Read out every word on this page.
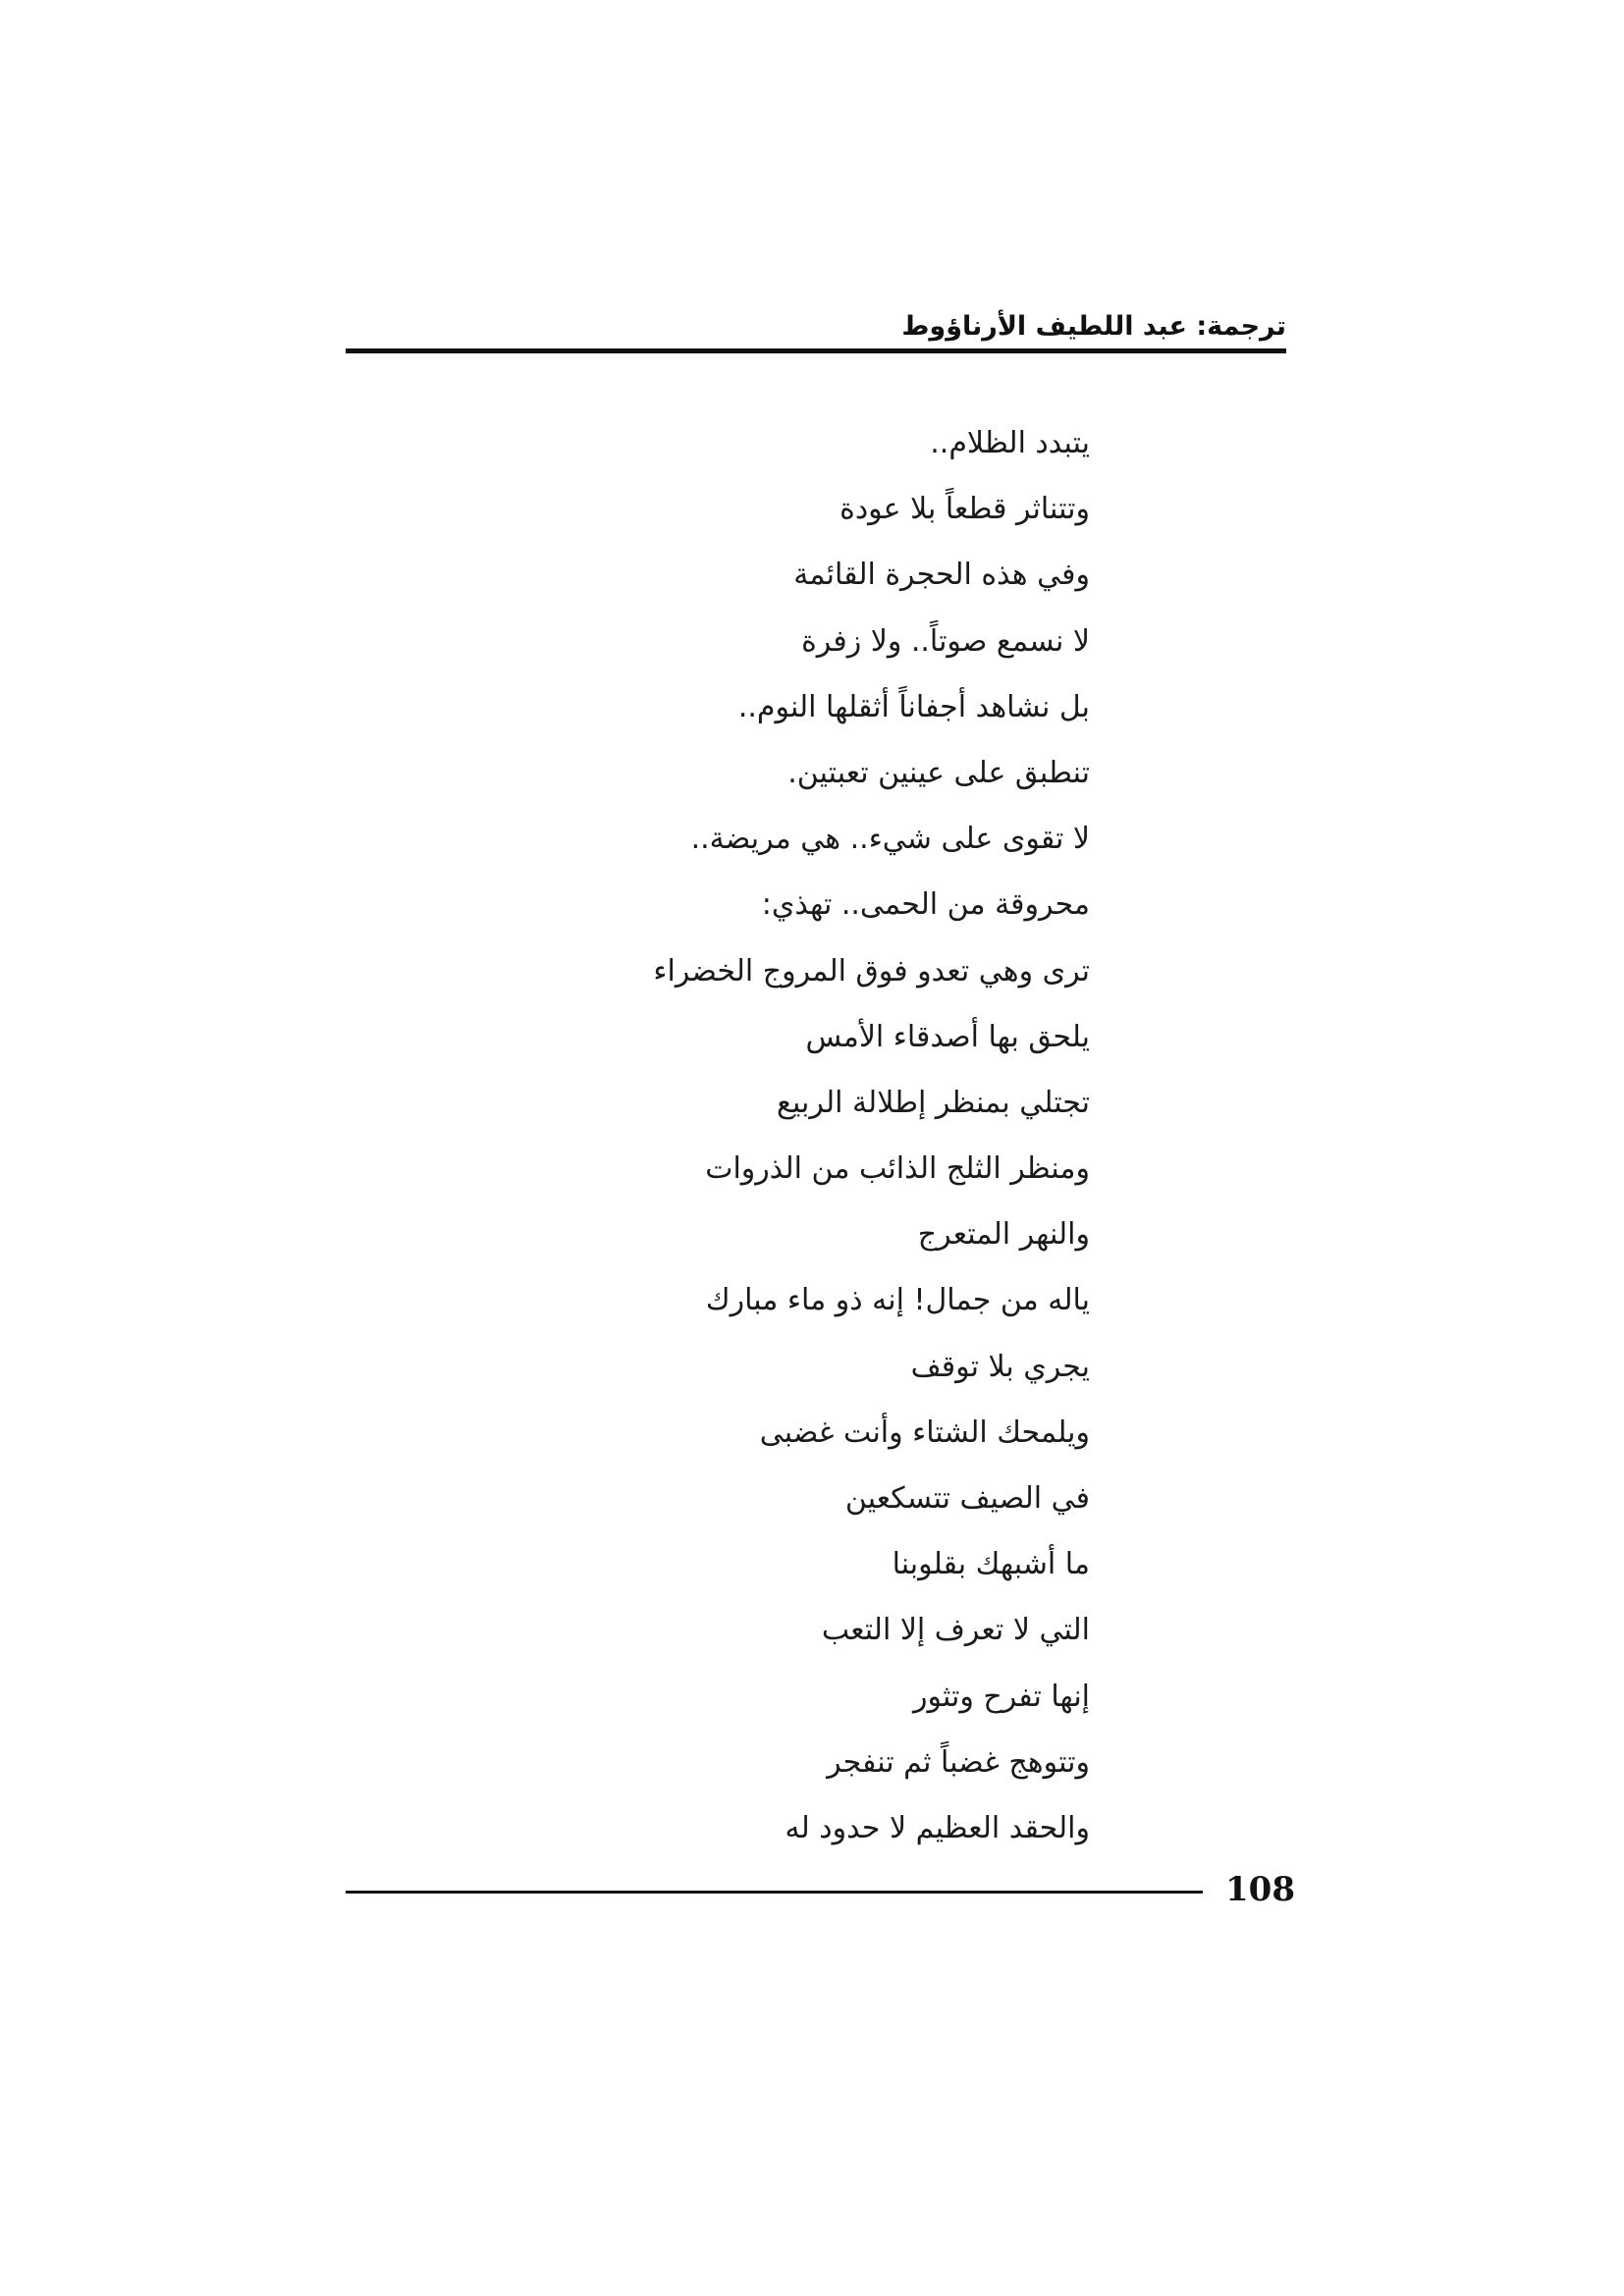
ترجمة: عبد اللطيف الأرناؤوط
يتبدد الظلام..
وتتناثر قطعاً بلا عودة
وفي هذه الحجرة القائمة
لا نسمع صوتاً.. ولا زفرة
بل نشاهد أجفاناً أثقلها النوم..
تنطبق على عينين تعبتين.
لا تقوى على شيء.. هي مريضة..
محروقة من الحمى.. تهذي:
ترى وهي تعدو فوق المروج الخضراء
يلحق بها أصدقاء الأمس
تجتلي بمنظر إطلالة الربيع
ومنظر الثلج الذائب من الذروات
والنهر المتعرج
ياله من جمال! إنه ذو ماء مبارك
يجري بلا توقف
ويلمحك الشتاء وأنت غضبى
في الصيف تتسكعين
ما أشبهك بقلوبنا
التي لا تعرف إلا التعب
إنها تفرح وتثور
وتتوهج غضباً ثم تنفجر
والحقد العظيم لا حدود له
108
